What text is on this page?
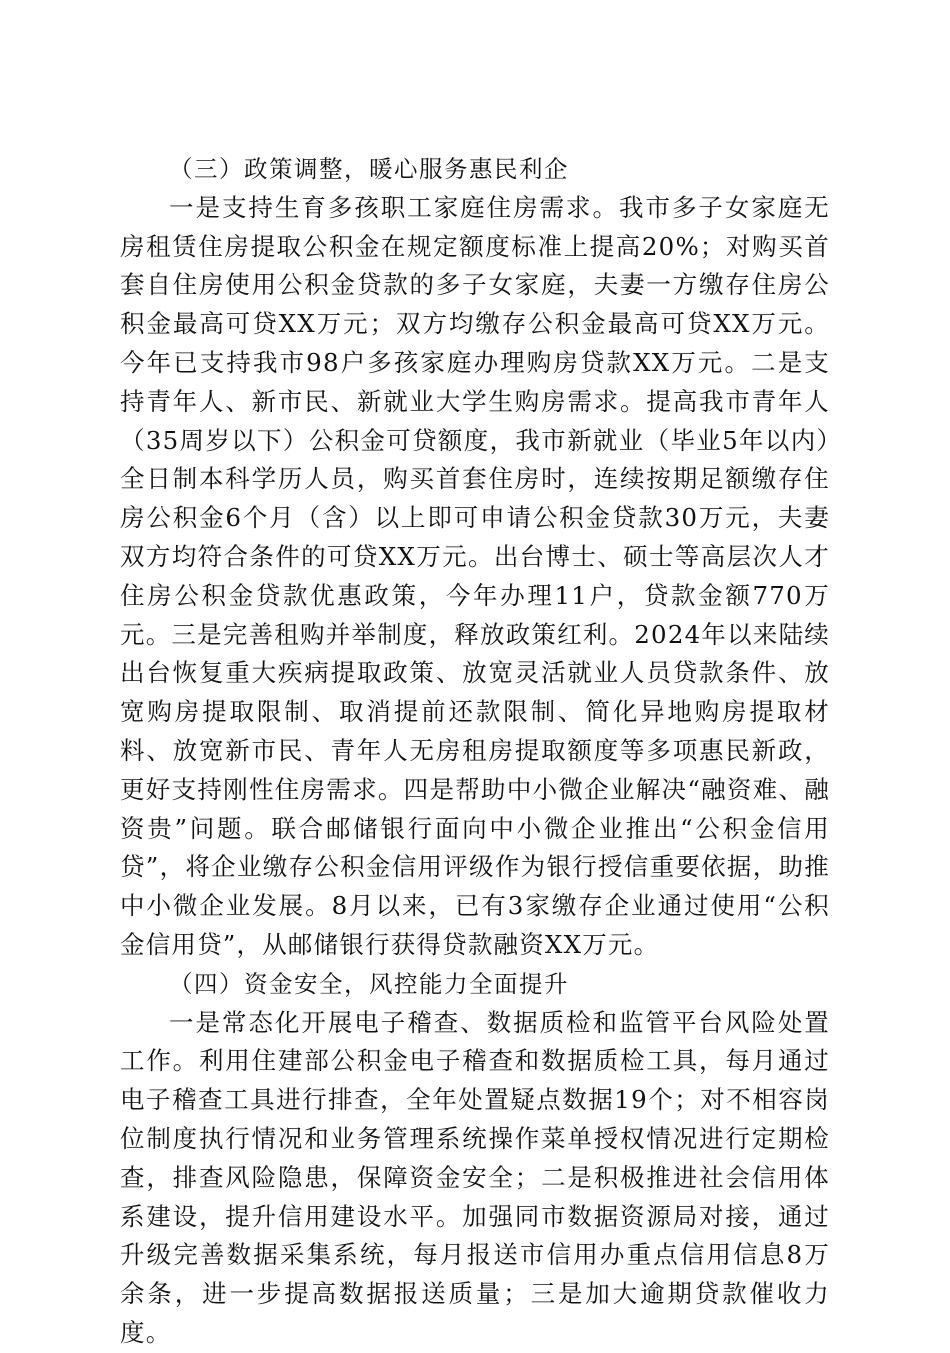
（三）政策调整，暖心服务惠民利企

一是支持生育多孩职工家庭住房需求。我市多子女家庭无房租赁住房提取公积金在规定额度标准上提高20%；对购买首套自住房使用公积金贷款的多子女家庭，夫妻一方缴存住房公积金最高可贷XX万元；双方均缴存公积金最高可贷XX万元。今年已支持我市98户多孩家庭办理购房贷款XX万元。二是支持青年人、新市民、新就业大学生购房需求。提高我市青年人（35周岁以下）公积金可贷额度，我市新就业（毕业5年以内）全日制本科学历人员，购买首套住房时，连续按期足额缴存住房公积金6个月（含）以上即可申请公积金贷款30万元，夫妻双方均符合条件的可贷XX万元。出台博士、硕士等高层次人才住房公积金贷款优惠政策，今年办理11户，贷款金额770万元。三是完善租购并举制度，释放政策红利。2024年以来陆续出台恢复重大疾病提取政策、放宽灵活就业人员贷款条件、放宽购房提取限制、取消提前还款限制、简化异地购房提取材料、放宽新市民、青年人无房租房提取额度等多项惠民新政，更好支持刚性住房需求。四是帮助中小微企业解决“融资难、融资贵”问题。联合邮储银行面向中小微企业推出“公积金信用贷”，将企业缴存公积金信用评级作为银行授信重要依据，助推中小微企业发展。8月以来，已有3家缴存企业通过使用“公积金信用贷”，从邮储银行获得贷款融资XX万元。

（四）资金安全，风控能力全面提升

一是常态化开展电子稽查、数据质检和监管平台风险处置工作。利用住建部公积金电子稽查和数据质检工具，每月通过电子稽查工具进行排查，全年处置疑点数据19个；对不相容岗位制度执行情况和业务管理系统操作菜单授权情况进行定期检查，排查风险隐患，保障资金安全；二是积极推进社会信用体系建设，提升信用建设水平。加强同市数据资源局对接，通过升级完善数据采集系统，每月报送市信用办重点信用信息8万余条，进一步提高数据报送质量；三是加大逾期贷款催收力度。
